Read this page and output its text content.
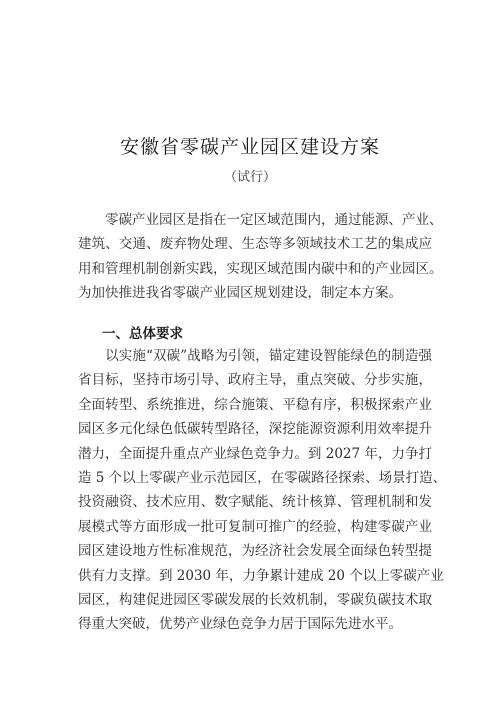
安徽省零碳产业园区建设方案
（试行）
　　零碳产业园区是指在一定区域范围内，通过能源、产业、
建筑、交通、废弃物处理、生态等多领域技术工艺的集成应
用和管理机制创新实践，实现区域范围内碳中和的产业园区。
为加快推进我省零碳产业园区规划建设，制定本方案。
一、总体要求
　　以实施“双碳”战略为引领，锚定建设智能绿色的制造强
省目标，坚持市场引导、政府主导，重点突破、分步实施，
全面转型、系统推进，综合施策、平稳有序，积极探索产业
园区多元化绿色低碳转型路径，深挖能源资源利用效率提升
潜力，全面提升重点产业绿色竞争力。到 2027 年，力争打
造 5 个以上零碳产业示范园区，在零碳路径探索、场景打造、
投资融资、技术应用、数字赋能、统计核算、管理机制和发
展模式等方面形成一批可复制可推广的经验，构建零碳产业
园区建设地方性标准规范，为经济社会发展全面绿色转型提
供有力支撑。到 2030 年，力争累计建成 20 个以上零碳产业
园区，构建促进园区零碳发展的长效机制，零碳负碳技术取
得重大突破，优势产业绿色竞争力居于国际先进水平。
